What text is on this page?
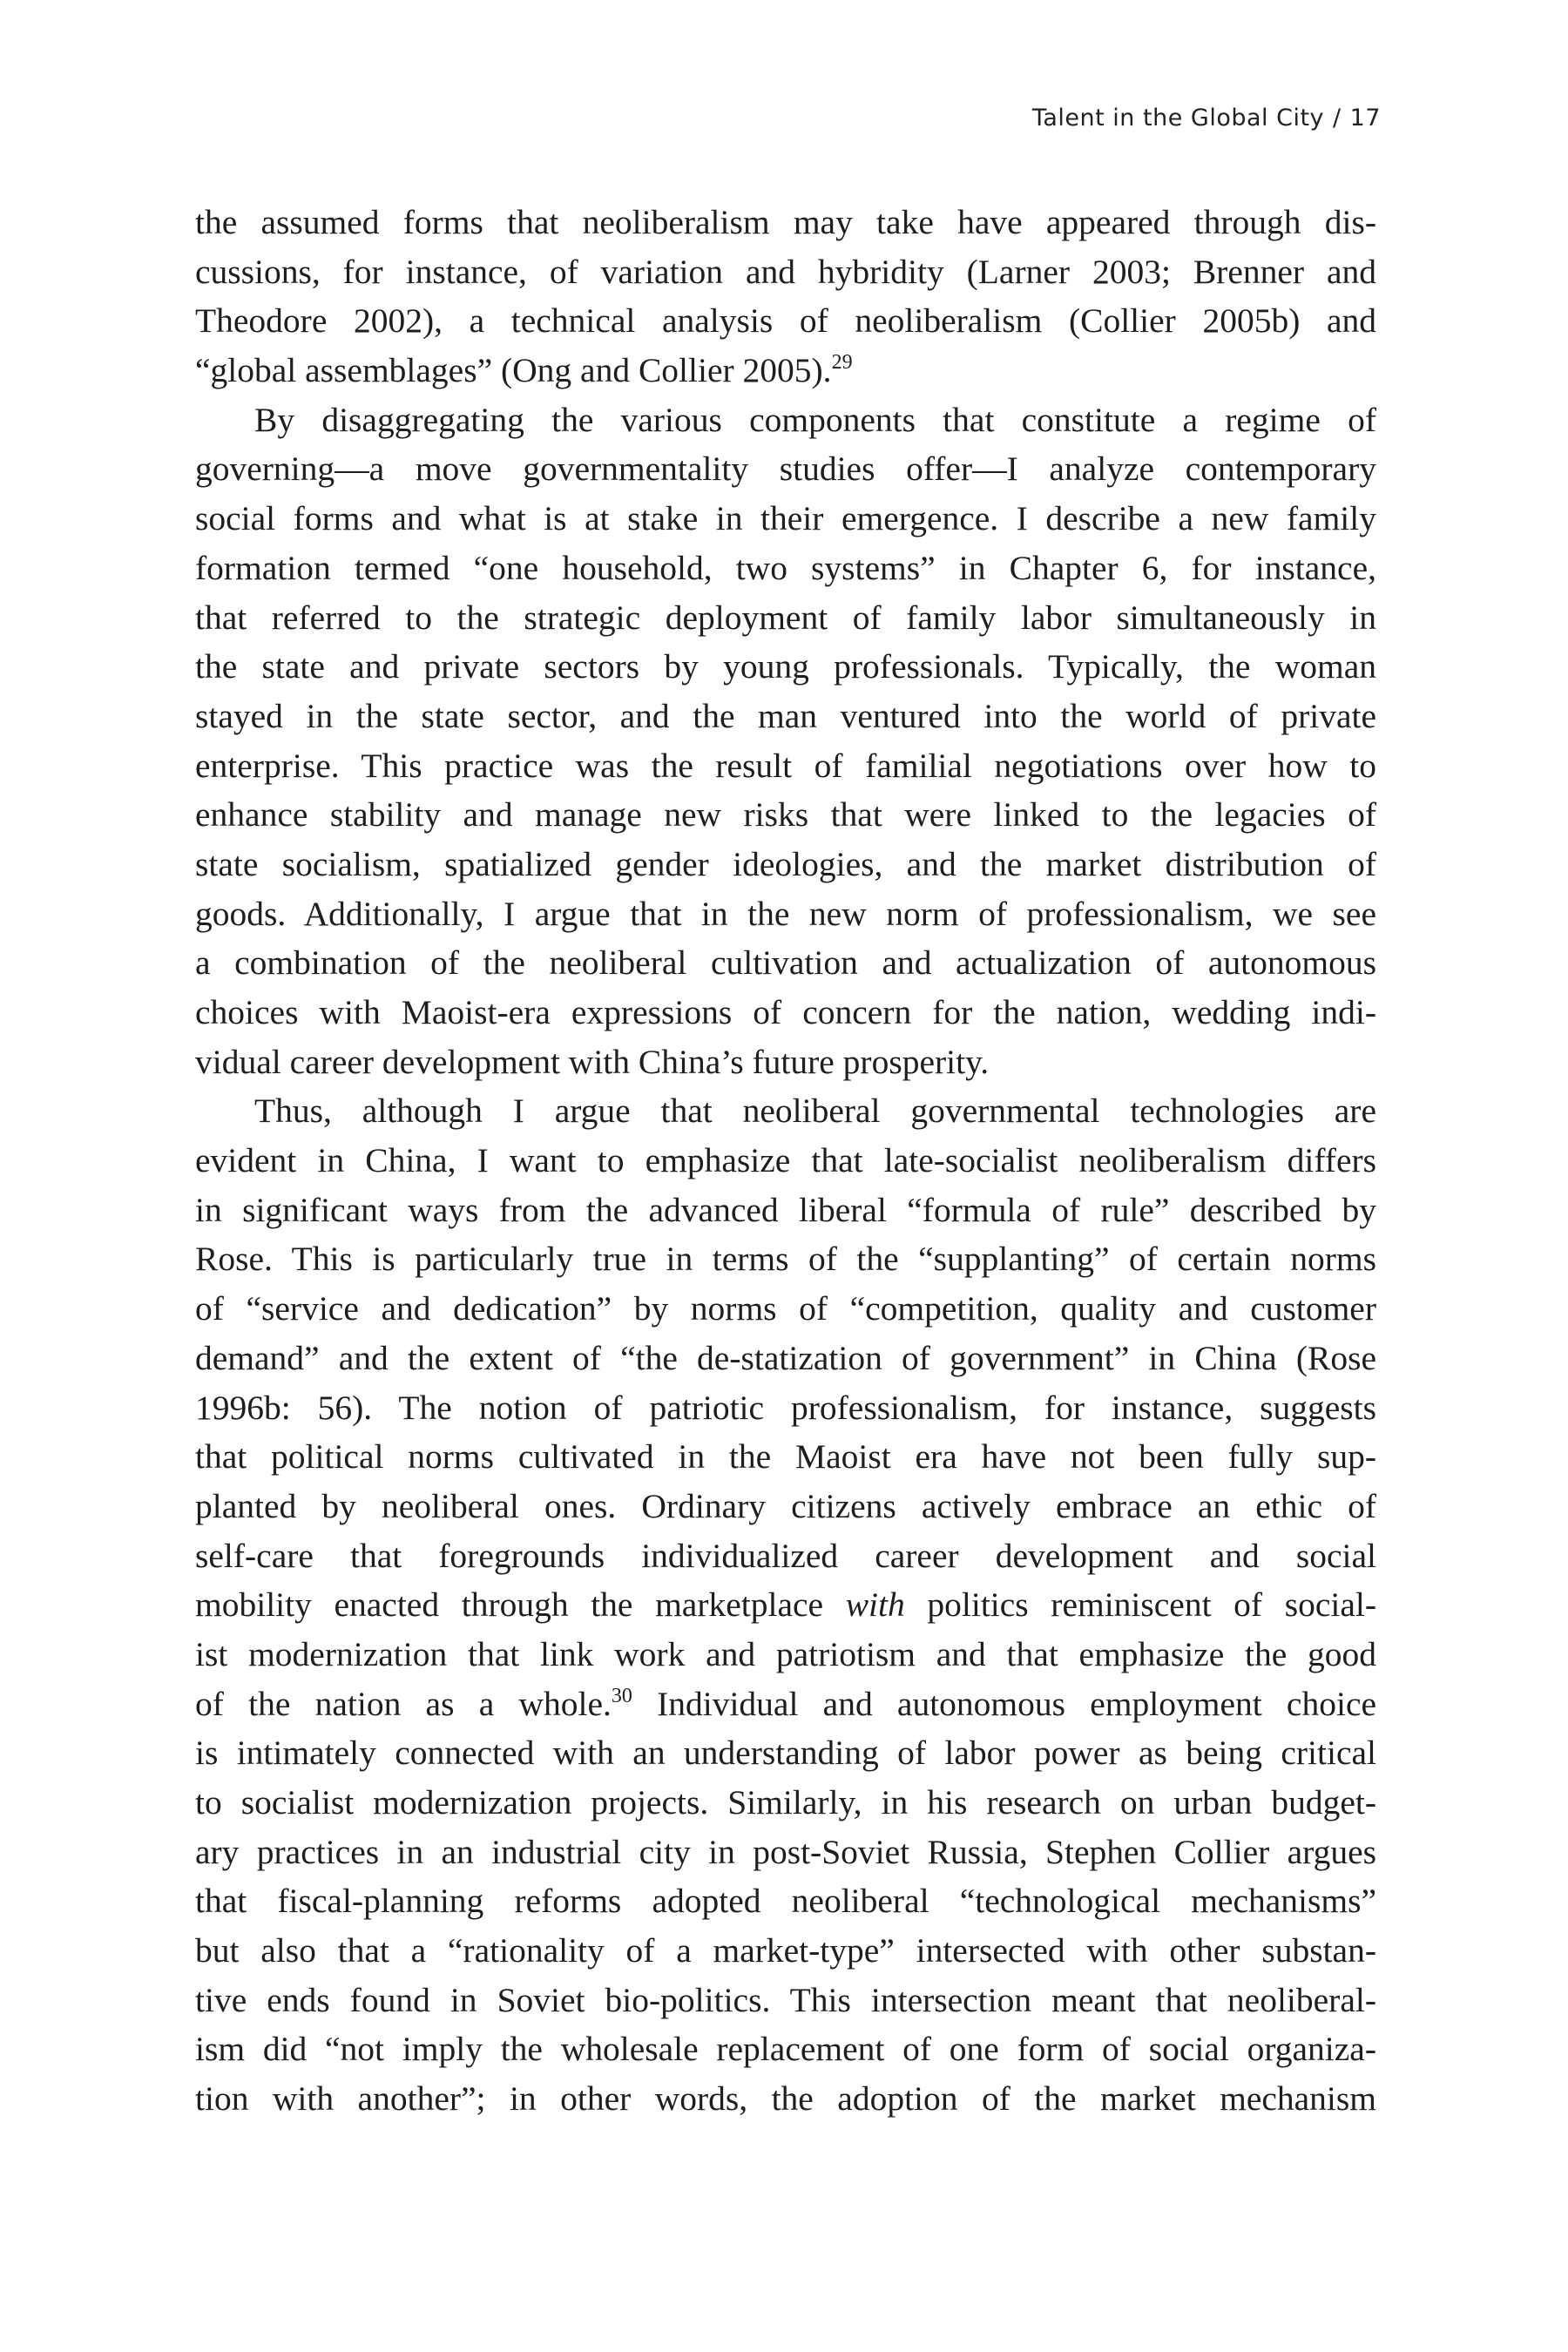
Talent in the Global City / 17
the assumed forms that neoliberalism may take have appeared through dis-
cussions, for instance, of variation and hybridity (Larner 2003; Brenner and
Theodore 2002), a technical analysis of neoliberalism (Collier 2005b) and
“global assemblages” (Ong and Collier 2005).$^{29}$
By disaggregating the various components that constitute a regime of
governing—a move governmentality studies offer—I analyze contemporary
social forms and what is at stake in their emergence. I describe a new family
formation termed “one household, two systems” in Chapter 6, for instance,
that referred to the strategic deployment of family labor simultaneously in
the state and private sectors by young professionals. Typically, the woman
stayed in the state sector, and the man ventured into the world of private
enterprise. This practice was the result of familial negotiations over how to
enhance stability and manage new risks that were linked to the legacies of
state socialism, spatialized gender ideologies, and the market distribution of
goods. Additionally, I argue that in the new norm of professionalism, we see
a combination of the neoliberal cultivation and actualization of autonomous
choices with Maoist-era expressions of concern for the nation, wedding indi-
vidual career development with China’s future prosperity.
Thus, although I argue that neoliberal governmental technologies are
evident in China, I want to emphasize that late-socialist neoliberalism differs
in significant ways from the advanced liberal “formula of rule” described by
Rose. This is particularly true in terms of the “supplanting” of certain norms
of “service and dedication” by norms of “competition, quality and customer
demand” and the extent of “the de-statization of government” in China (Rose
1996b: 56). The notion of patriotic professionalism, for instance, suggests
that political norms cultivated in the Maoist era have not been fully sup-
planted by neoliberal ones. Ordinary citizens actively embrace an ethic of
self-care that foregrounds individualized career development and social
mobility enacted through the marketplace with politics reminiscent of social-
ist modernization that link work and patriotism and that emphasize the good
of the nation as a whole.$^{30}$ Individual and autonomous employment choice
is intimately connected with an understanding of labor power as being critical
to socialist modernization projects. Similarly, in his research on urban budget-
ary practices in an industrial city in post-Soviet Russia, Stephen Collier argues
that fiscal-planning reforms adopted neoliberal “technological mechanisms”
but also that a “rationality of a market-type” intersected with other substan-
tive ends found in Soviet bio-politics. This intersection meant that neoliberal-
ism did “not imply the wholesale replacement of one form of social organiza-
tion with another”; in other words, the adoption of the market mechanism
